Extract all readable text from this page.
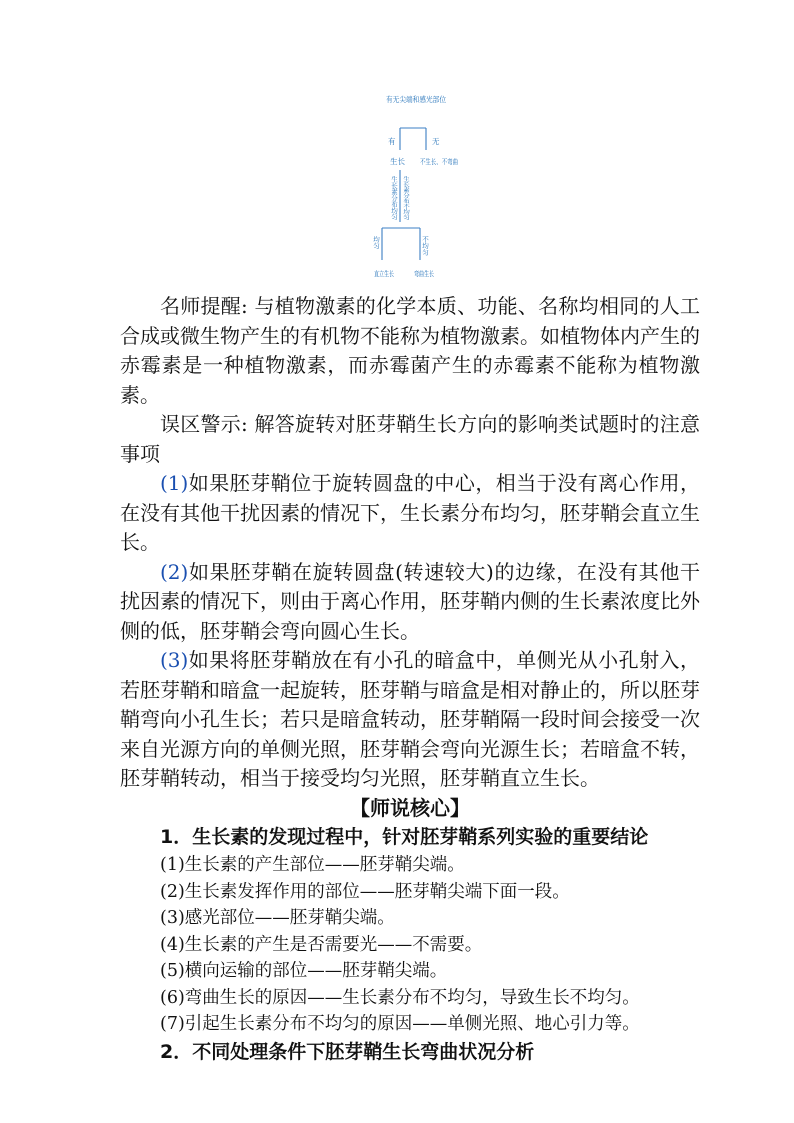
有无尖端和感光部位
有	无
生长 不生长、不弯曲
生长素分布均匀 生长素分布不均匀
均匀	不均匀
直立生长 弯曲生长

名师提醒: 与植物激素的化学本质、功能、名称均相同的人工合成或微生物产生的有机物不能称为植物激素。如植物体内产生的赤霉素是一种植物激素，而赤霉菌产生的赤霉素不能称为植物激素。

误区警示: 解答旋转对胚芽鞘生长方向的影响类试题时的注意事项

(1)如果胚芽鞘位于旋转圆盘的中心，相当于没有离心作用，在没有其他干扰因素的情况下，生长素分布均匀，胚芽鞘会直立生长。

(2)如果胚芽鞘在旋转圆盘(转速较大)的边缘，在没有其他干扰因素的情况下，则由于离心作用，胚芽鞘内侧的生长素浓度比外侧的低，胚芽鞘会弯向圆心生长。

(3)如果将胚芽鞘放在有小孔的暗盒中，单侧光从小孔射入，若胚芽鞘和暗盒一起旋转，胚芽鞘与暗盒是相对静止的，所以胚芽鞘弯向小孔生长；若只是暗盒转动，胚芽鞘隔一段时间会接受一次来自光源方向的单侧光照，胚芽鞘会弯向光源生长；若暗盒不转，胚芽鞘转动，相当于接受均匀光照，胚芽鞘直立生长。

【师说核心】

1．生长素的发现过程中，针对胚芽鞘系列实验的重要结论

(1)生长素的产生部位——胚芽鞘尖端。

(2)生长素发挥作用的部位——胚芽鞘尖端下面一段。

(3)感光部位——胚芽鞘尖端。

(4)生长素的产生是否需要光——不需要。

(5)横向运输的部位——胚芽鞘尖端。

(6)弯曲生长的原因——生长素分布不均匀，导致生长不均匀。

(7)引起生长素分布不均匀的原因——单侧光照、地心引力等。

2．不同处理条件下胚芽鞘生长弯曲状况分析
